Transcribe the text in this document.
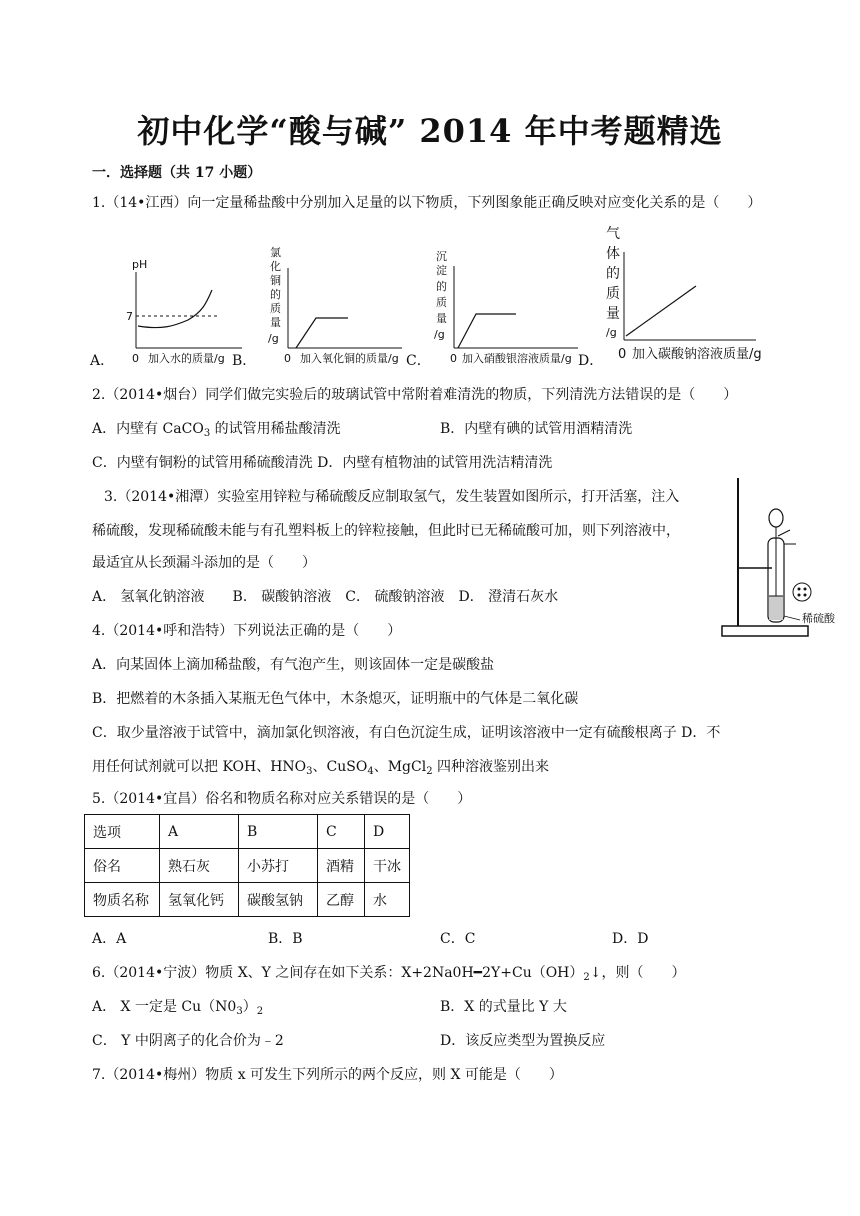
初中化学“酸与碱” 2014 年中考题精选
一．选择题（共 17 小题）
1.（14•江西）向一定量稀盐酸中分别加入足量的以下物质，下列图象能正确反映对应变化关系的是（　　）
pH
7
0 加入水的质量/g
A．
氯
化
铜
的
质
量
/g
0 加入氧化铜的质量/g
B．
沉
淀
的
质
量
/g
0 加入硝酸银溶液质量/g
C．
气
体
的
质
量
/g
0 加入碳酸钠溶液质量/g
D．
2.（2014•烟台）同学们做完实验后的玻璃试管中常附着难清洗的物质，下列清洗方法错误的是（　　）
A．内壁有 CaCO$_3$ 的试管用稀盐酸清洗	B．内壁有碘的试管用酒精清洗
C．内壁有铜粉的试管用稀硫酸清洗 D．内壁有植物油的试管用洗洁精清洗
3.（2014•湘潭）实验室用锌粒与稀硫酸反应制取氢气，发生装置如图所示，打开活塞，注入
稀硫酸，发现稀硫酸未能与有孔塑料板上的锌粒接触，但此时已无稀硫酸可加，则下列溶液中，
最适宜从长颈漏斗添加的是（　　）
A． 氢氧化钠溶液　　B． 碳酸钠溶液　C． 硫酸钠溶液　D． 澄清石灰水
稀硫酸
4.（2014•呼和浩特）下列说法正确的是（　　）
A．向某固体上滴加稀盐酸，有气泡产生，则该固体一定是碳酸盐
B．把燃着的木条插入某瓶无色气体中，木条熄灭，证明瓶中的气体是二氧化碳
C．取少量溶液于试管中，滴加氯化钡溶液，有白色沉淀生成，证明该溶液中一定有硫酸根离子 D．不
用任何试剂就可以把 KOH、$HNO_3$、CuSO$_4$、MgCl$_2$ 四种溶液鉴别出来
5.（2014•宜昌）俗名和物质名称对应关系错误的是（　　）
选项	A	B	C	D
俗名	熟石灰	小苏打	酒精	干冰
物质名称	氢氧化钙	碳酸氢钠	乙醇	水
A．A	B．B	C．C	D．D
6.（2014•宁波）物质 X、Y 之间存在如下关系：$X+2Na0H━2Y+Cu(OH)_2↓$，则（　　）
A． X 一定是 $Cu(N0_3)_2$	B．X 的式量比 Y 大
C． Y 中阴离子的化合价为﹣2	D．该反应类型为置换反应
7.（2014•梅州）物质 x 可发生下列所示的两个反应，则 X 可能是（　　）
